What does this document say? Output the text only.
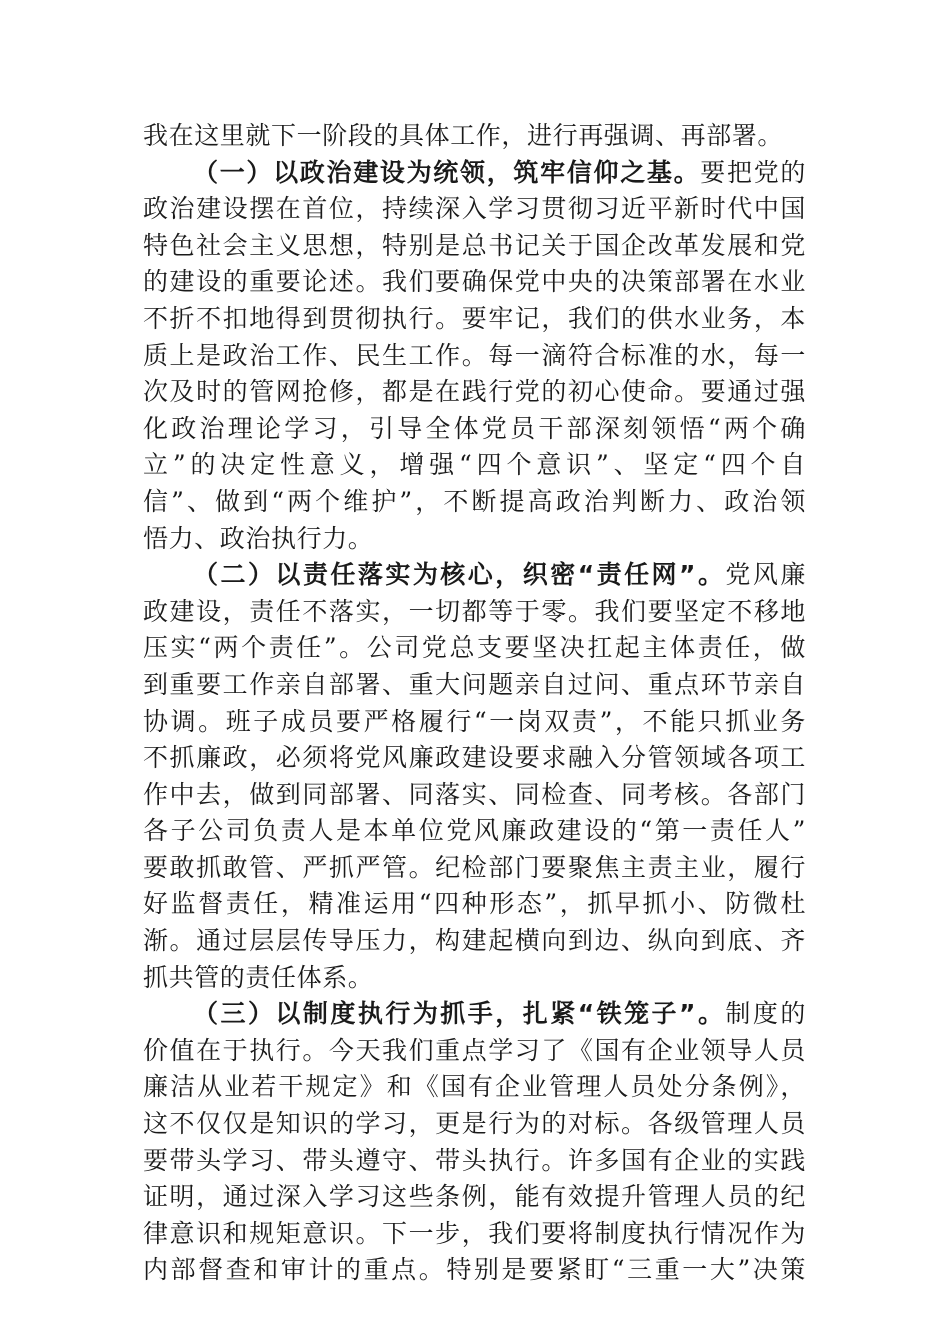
我在这里就下一阶段的具体工作，进行再强调、再部署。
（一）以政治建设为统领，筑牢信仰之基。要把党的
政治建设摆在首位，持续深入学习贯彻习近平新时代中国
特色社会主义思想，特别是总书记关于国企改革发展和党
的建设的重要论述。我们要确保党中央的决策部署在水业
不折不扣地得到贯彻执行。要牢记，我们的供水业务，本
质上是政治工作、民生工作。每一滴符合标准的水，每一
次及时的管网抢修，都是在践行党的初心使命。要通过强
化政治理论学习，引导全体党员干部深刻领悟“两个确
立”的决定性意义，增强“四个意识”、坚定“四个自
信”、做到“两个维护”，不断提高政治判断力、政治领
悟力、政治执行力。
（二）以责任落实为核心，织密“责任网”。党风廉
政建设，责任不落实，一切都等于零。我们要坚定不移地
压实“两个责任”。公司党总支要坚决扛起主体责任，做
到重要工作亲自部署、重大问题亲自过问、重点环节亲自
协调。班子成员要严格履行“一岗双责”，不能只抓业务
不抓廉政，必须将党风廉政建设要求融入分管领域各项工
作中去，做到同部署、同落实、同检查、同考核。各部门
各子公司负责人是本单位党风廉政建设的“第一责任人”
要敢抓敢管、严抓严管。纪检部门要聚焦主责主业，履行
好监督责任，精准运用“四种形态”，抓早抓小、防微杜
渐。通过层层传导压力，构建起横向到边、纵向到底、齐
抓共管的责任体系。
（三）以制度执行为抓手，扎紧“铁笼子”。制度的
价值在于执行。今天我们重点学习了《国有企业领导人员
廉洁从业若干规定》和《国有企业管理人员处分条例》，
这不仅仅是知识的学习，更是行为的对标。各级管理人员
要带头学习、带头遵守、带头执行。许多国有企业的实践
证明，通过深入学习这些条例，能有效提升管理人员的纪
律意识和规矩意识。下一步，我们要将制度执行情况作为
内部督查和审计的重点。特别是要紧盯“三重一大”决策
